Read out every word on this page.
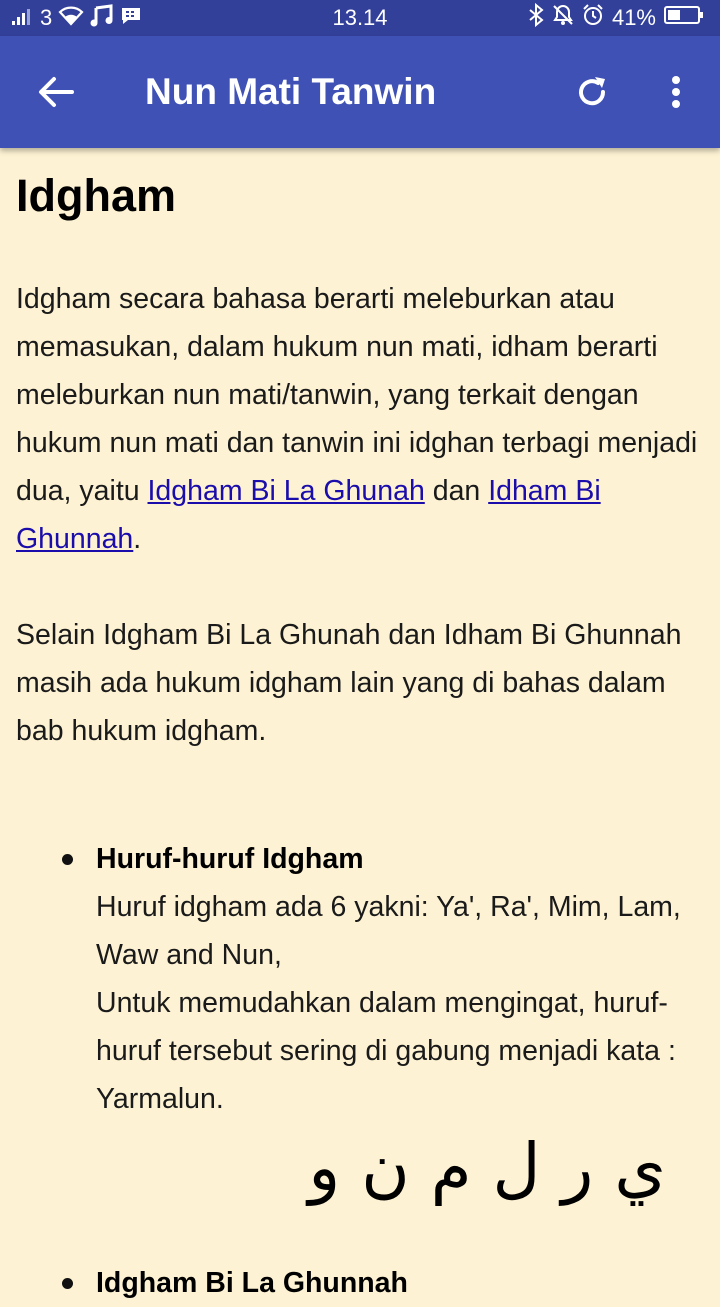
3	13.14	41%
Nun Mati Tanwin
Idgham

Idgham secara bahasa berarti meleburkan atau memasukan, dalam hukum nun mati, idham berarti meleburkan nun mati/tanwin, yang terkait dengan hukum nun mati dan tanwin ini idghan terbagi menjadi dua, yaitu Idgham Bi La Ghunah dan Idham Bi Ghunnah.

Selain Idgham Bi La Ghunah dan Idham Bi Ghunnah masih ada hukum idgham lain yang di bahas dalam bab hukum idgham.

Huruf-huruf Idgham
Huruf idgham ada 6 yakni: Ya', Ra', Mim, Lam, Waw and Nun,
Untuk memudahkan dalam mengingat, huruf-huruf tersebut sering di gabung menjadi kata : Yarmalun.
ي ر ل م ن و
Idgham Bi La Ghunnah
